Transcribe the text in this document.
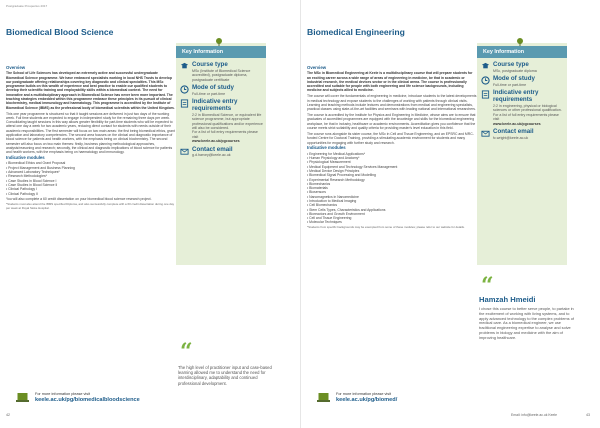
Postgraduate Prospectus 2017
Biomedical Blood Science
Overview

The School of Life Sciences has developed an extremely active and successful undergraduate Biomedical Science programme. We have embraced specialists working in local NHS Trusts to develop our postgraduate offering relationships covering key diagnostic and clinical specialties. This MSc programme builds on this wealth of experience and best practice to enable our qualified students to develop their scientific training and employability skills within a biomedical context. The need for innovative and a multidisciplinary approach in Biomedical Science has never been more important. The teaching strategies embedded within this programme embrace these principles in its pursuit of clinical biochemistry, medical immunology and haematology. This programme is accredited by the Institute of Biomedical Science (IBMS) as the professional body of biomedical scientists within the United Kingdom.

This one year programme is structured so that it taught sessions are delivered in just two days of the working week. Full time students are expected to engage in independent study for the remaining three days per week. Consolidating taught sessions in this way allows greater flexibility for part-time students who will be expected to attend one day a week for two academic years, reducing direct contact for students with needs outside of their academic responsibilities. The first semester will focus on two main areas: the first being biomedical ethics, grant application and laboratory competencies. The second area focuses on the clinical and diagnostic importance of blood science for patients and health workers, with the emphasis being on clinical biochemistry. The second semester will also focus on two main themes: firstly, business planning methodological approaches, analysis/reasoning and research; secondly, the clinical and diagnostic implications of blood science for patients and health workers, with the emphasis being on haematology and immunology.

Indicative modules
• Biomedical Ethics and Grant Proposal
• Project Management and Business Planning
• Advanced Laboratory Techniques*
• Research Methodologies*
• Case Studies in Blood Science I
• Case Studies in Blood Science II
• Clinical Pathology I
• Clinical Pathology II

You will also complete a 60 credit dissertation on your biomedical blood science research project.

*Students must also attend the IBMS specified Diploma, and also successfully complete with a 60 credit dissertation during one day per week at Royal Stoke Hospital.

Key Information
Course type
MSc (Institute of Biomedical Science accredited), postgraduate diploma, postgraduate certificate
Mode of study
Full-time or part-time
Indicative entry requirements
2:2 in Biomedical Science, or equivalent life science programme, but appropriate professional qualifications and/or experience will also be considered.
For a list of full entry requirements please visit
www.keele.ac.uk/pgcourses
Contact email
g.d.harvey@keele.ac.uk
“
The high level of practitioner input and case-based learning allowed me to understand the need for interdisciplinary, adaptability and continued professional development.
For more information please visit
keele.ac.uk/pg/biomedicalbloodscience
42
Biomedical Engineering
Overview

The MSc in Biomedical Engineering at Keele is a multidisciplinary course that will prepare students for an exciting career across a wide range of areas of engineering in medicine, be that in academic or industrial research, the medical devices sector or in the clinical arena. The course is professionally accredited and suitable for people with both engineering and life science backgrounds, including medicine and subjects allied to medicine.

The course will cover the fundamentals of engineering in medicine, introduce students to the latest developments in medical technology and expose students to the challenges of working with patients through clinical visits. Learning and teaching methods include lectures and demonstrations from medical and engineering specialists, practical classes using state-of-the-art facilities and seminars with leading national and international researchers.

The course is accredited by the Institute for Physics and Engineering in Medicine, whose aims are to ensure that graduates of accredited programmes are equipped with the knowledge and skills for the biomedical engineering workplace, be that in industry, healthcare or academic environments. Accreditation gives you confidence that the course meets strict suitability and quality criteria for providing master's level education in this field.

The course runs alongside its sister course, the MSc in Cell and Tissue Engineering, and an EPSRC and MRC-funded Centre for Doctoral Training, providing a stimulating academic environment for students and many opportunities for engaging with further study and research.

Indicative modules
• Engineering for Medical Applications*
• Human Physiology and Anatomy*
• Physiological Measurement
• Medical Equipment and Technology Services Management
• Medical Device Design Principles
• Biomedical Signal Processing and Modelling
• Experimental Research Methodology
• Biomechanics
• Biomaterials
• Biosensors
• Nanomagnetics in Nanomedicine
• Introduction to Medical Imaging
• Cell Biomechanics
• Stem Cells Types, Characteristics and Applications
• Bioreactors and Growth Environment
• Cell and Tissue Engineering
• Molecular Techniques

*Students from specific backgrounds may be exempted from some of these modules; please refer to our website for details.

Key Information
Course type
MSc, postgraduate diploma
Mode of study
Full-time or part-time
Indicative entry requirements
2:2 in engineering, physical or biological sciences or other professional qualification.
For a list of full entry requirements please visit
www.keele.ac.uk/pgcourses
Contact email
fc.wright@keele.ac.uk
“
Hamzah Hmeidi
I chose this course to better serve people, to partake in the excitement of working with living systems, and to apply advanced technology to the complex problems of medical care. As a biomedical engineer, we use traditional engineering expertise to analyse and solve problems in biology and medicine with the aim of improving healthcare.
For more information please visit
keele.ac.uk/pg/biomed/
Email: info@keele.ac.uk Keele	43
